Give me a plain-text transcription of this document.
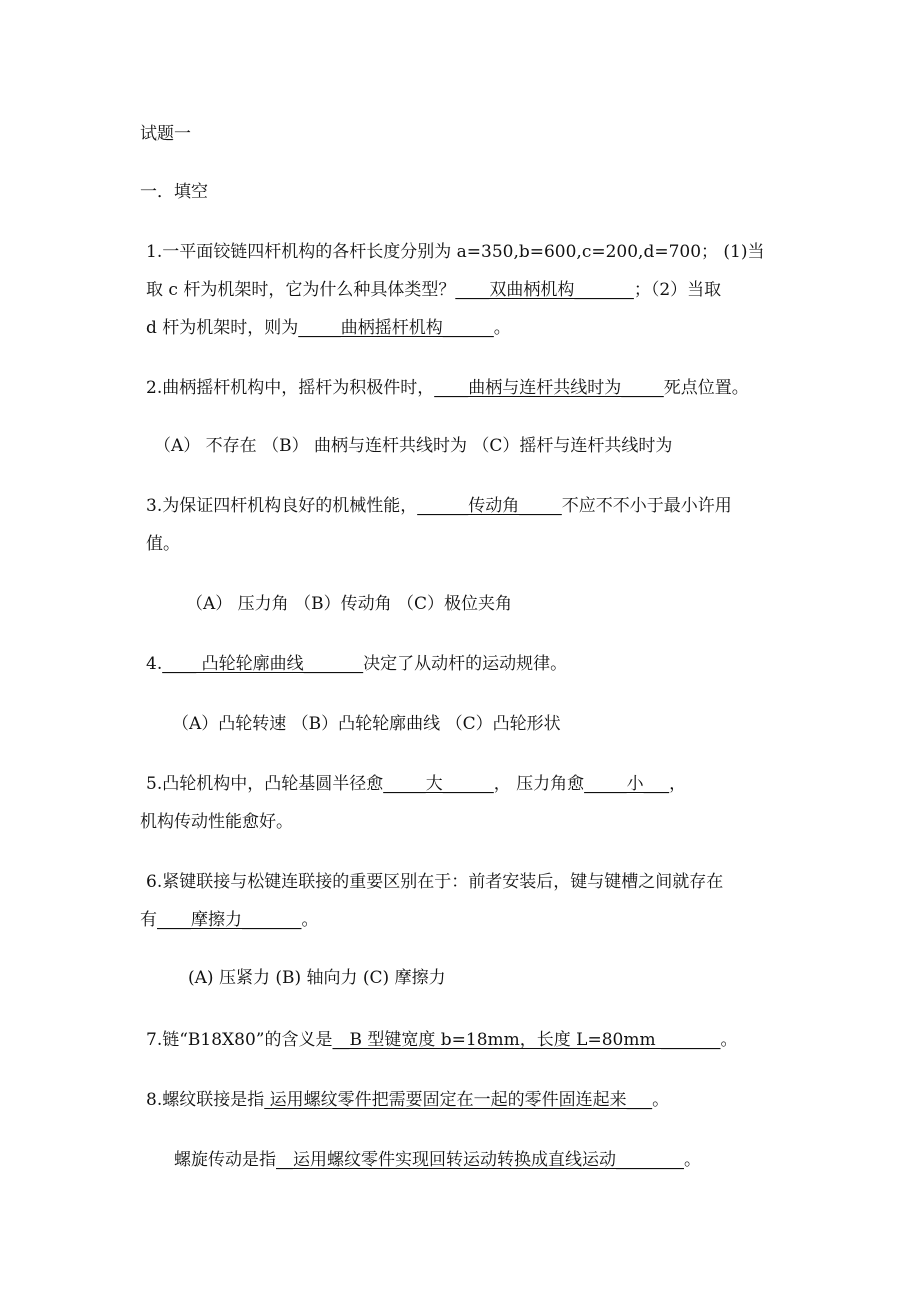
试题一
一．填空
1.一平面铰链四杆机构的各杆长度分别为 a=350,b=600,c=200,d=700； (1)当
取 c 杆为机架时，它为什么种具体类型？____双曲柄机构_______；（2）当取
d 杆为机架时，则为_____曲柄摇杆机构______。
2.曲柄摇杆机构中，摇杆为积极件时，____曲柄与连杆共线时为_____死点位置。
（A） 不存在 （B） 曲柄与连杆共线时为 （C）摇杆与连杆共线时为
3.为保证四杆机构良好的机械性能，______传动角_____不应不不小于最小许用
值。
（A） 压力角 （B）传动角 （C）极位夹角
4.____ 凸轮轮廓曲线_______决定了从动杆的运动规律。
（A）凸轮转速 （B）凸轮轮廓曲线 （C）凸轮形状
5.凸轮机构中，凸轮基圆半径愈_____大______， 压力角愈_____小___，
机构传动性能愈好。
6.紧键联接与松键连联接的重要区别在于：前者安装后，键与键槽之间就存在
有____摩擦力_______。
(A) 压紧力 (B) 轴向力 (C) 摩擦力
7.链“B18X80”的含义是__B 型键宽度 b=18mm，长度 L=80mm _______。
8.螺纹联接是指 运用螺纹零件把需要固定在一起的零件固连起来___。
螺旋传动是指__运用螺纹零件实现回转运动转换成直线运动________。
